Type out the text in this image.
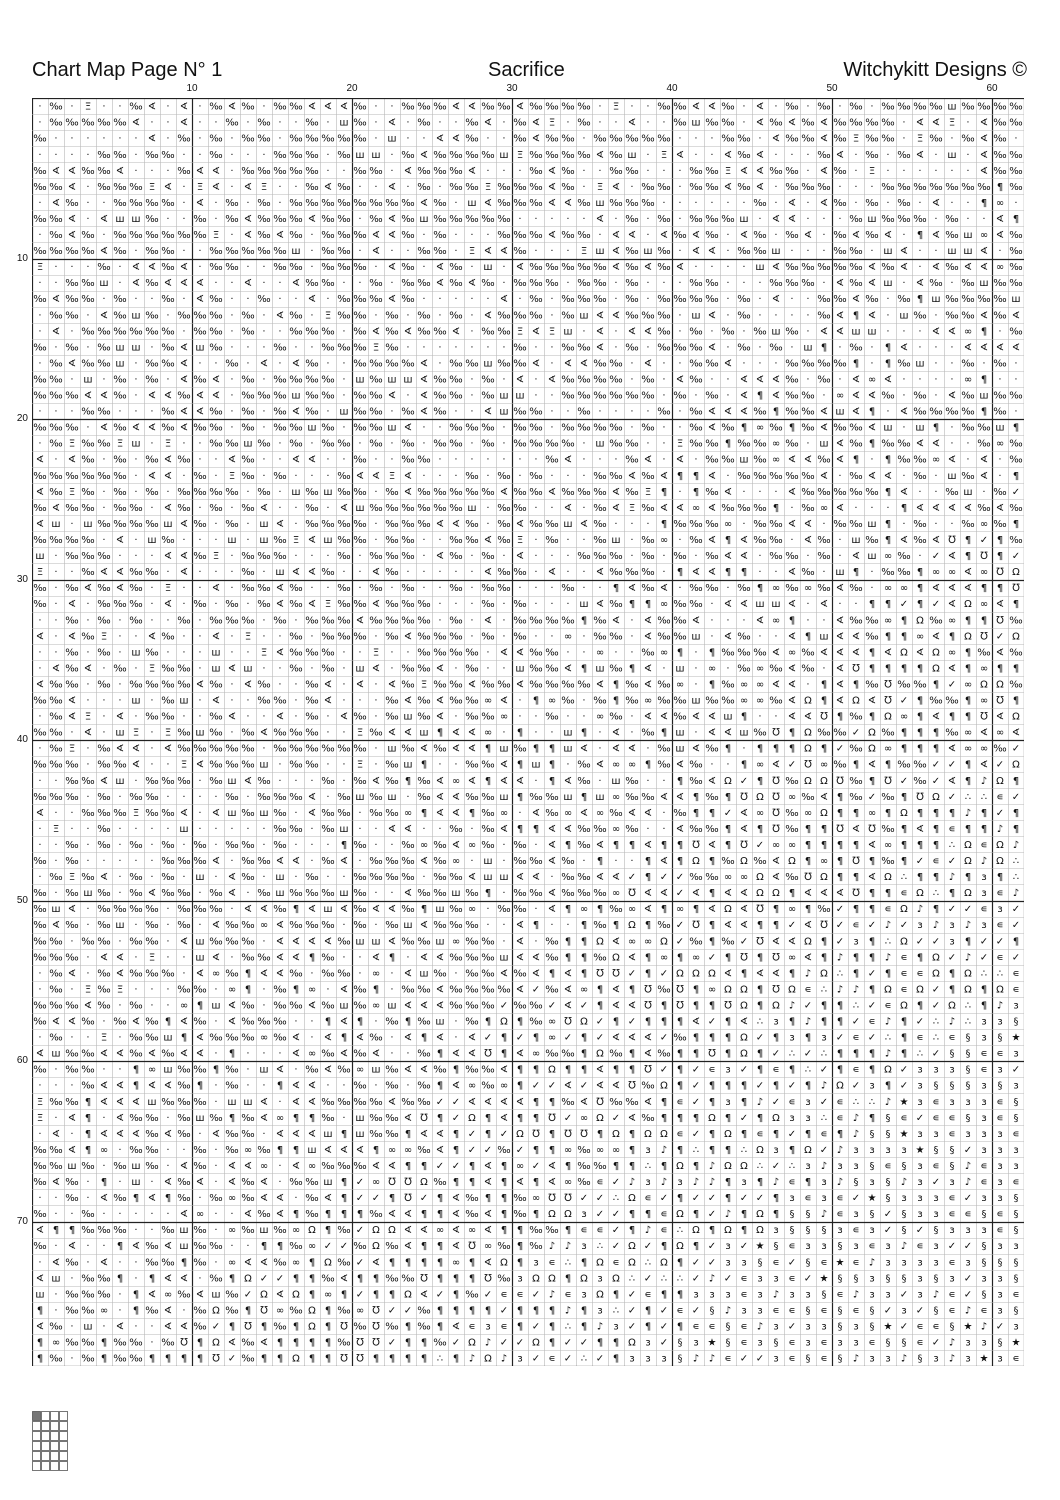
Chart Map Page N° 1	Sacrifice	Witchykitt Designs ©
10	20	30	40	50	60
10
20
30
40
50
60
70
· ‰ · Ξ · · ‰ ∢ · ∢ · ‰ ∢ ‰ · ‰ ‰ ∢ ∢ ∢ ‰ · · ‰ ‰ ‰ ∢ ∢ ‰ ‰ ∢ ‰ ‰ ‰ ‰ · Ξ · · ‰ ‰ ∢ ∢ ‰ · ∢ · ‰ · ‰ · ‰ · ‰ ‰ ‰ ‰ ш ‰ ‰ ‰ ‰
· ‰ ‰ ‰ ‰ ‰ ∢ · · ∢ · · ‰ · ‰ · · ‰ · ш ‰ · ∢ · ‰ · · ‰ ∢ · ‰ ∢ Ξ · ‰ · · ∢ · · ‰ ш ‰ ‰ · ∢ ‰ ∢ ‰ ∢ ‰ ‰ ‰ ‰ · ∢ ∢ Ξ · ∢ ‰ ‰
‰ · · · · · · ∢ · ‰ · ‰ · ‰ ‰ · ‰ ‰ ‰ ‰ ‰ · ш · · ∢ ∢ ‰ · · ‰ ∢ ‰ ‰ · ‰ ‰ ‰ ‰ ‰ · · · ‰ ‰ · ∢ ‰ ‰ ∢ ‰ Ξ ‰ ‰ · Ξ ‰ · ‰ ∢ ‰ ·
· · · · ‰ ‰ · ‰ ‰ · · ‰ · · · ‰ ‰ ‰ · ‰ ш ш · ‰ ∢ ‰ ‰ ‰ ‰ ш Ξ ‰ ‰ ‰ ‰ ∢ ‰ ш · Ξ ∢ · · ∢ ‰ ∢ · · · ‰ ∢ · ‰ · ‰ ∢ · ш · ∢ ‰ ‰
‰ ∢ ∢ ‰ ‰ ∢ · · · ‰ ∢ ∢ · ‰ ‰ ‰ ‰ ‰ · · ‰ ‰ · ∢ ‰ ‰ ‰ ∢ · · · ‰ ∢ ‰ · · ‰ ‰ · · · ‰ ‰ Ξ ∢ ∢ ‰ ‰ · ∢ ‰ · Ξ · · · · · · ∢ ‰ ‰
‰ ‰ ∢ · ‰ ‰ ‰ Ξ ∢ · Ξ ∢ · ∢ Ξ · · ‰ ∢ ‰ · · ∢ · ‰ · ‰ ‰ Ξ ‰ ‰ ‰ ∢ ‰ · Ξ ∢ · ‰ ‰ · ‰ ‰ ∢ ‰ ∢ · ‰ ‰ ‰ · · · ‰ ‰ ‰ ‰ ‰ ‰ ‰ ¶ ‰
· ∢ ‰ · · ‰ ‰ ‰ ‰ · ∢ · ‰ · ‰ · ‰ ‰ ‰ ‰ ‰ ‰ ‰ ‰ ∢ ‰ · ш ∢ ‰ ‰ ‰ ∢ ∢ ‰ ш ‰ ‰ ‰ · · · · · · ‰ · ∢ · ∢ ‰ · ‰ · ‰ · ∢ · · ¶ ∞ ·
‰ ‰ ∢ · ∢ ш ш ‰ · · ‰ · ‰ ∢ ‰ ‰ ‰ ∢ ‰ ‰ · ‰ ∢ ‰ ш ‰ ‰ ‰ ‰ ‰ · · · · · ∢ · ‰ · ‰ · ‰ ‰ ‰ ш · ∢ ∢ · · · ‰ ш ‰ ‰ ‰ · ‰ · · ∢ ¶
· ‰ ∢ ‰ · ‰ ‰ ‰ ‰ ‰ ‰ Ξ · ∢ ‰ ∢ ‰ · ‰ ‰ ‰ ∢ ∢ ‰ · ‰ · · · ‰ ‰ ‰ ∢ ‰ ‰ · ∢ ∢ · ∢ ‰ ∢ ‰ · ∢ ‰ · ‰ ∢ · ‰ ∢ ‰ ∢ · ¶ ∢ ‰ ш ∞ ∢ ‰
‰ ‰ ‰ ‰ ∢ ‰ · ‰ ‰ · · ‰ ‰ ‰ ‰ ‰ ш · ‰ ‰ · ∢ · · ‰ ‰ · Ξ ∢ ∢ ‰ · · · Ξ ш ∢ ‰ ш ‰ · ∢ ∢ · ‰ ‰ ш · · · ‰ ‰ · ш ∢ · · ш ш ∢ · ‰
Ξ · · · ‰ · ∢ ∢ ‰ ∢ · ‰ ‰ · · ‰ ‰ · ‰ ‰ ‰ · ∢ ‰ · ∢ ‰ · ш · ∢ ‰ ‰ ‰ ‰ ‰ ∢ ‰ ∢ ‰ ∢ · · · · ш ∢ ‰ ‰ ‰ ‰ ‰ ∢ ‰ ∢ · ∢ ‰ ∢ ∢ ∞ ‰
· · ‰ ‰ ш · ∢ ‰ ∢ ∢ ∢ · · ∢ · · ∢ ‰ ‰ · · ‰ · ‰ ‰ ∢ ‰ ∢ ‰ · ‰ ‰ ‰ · ‰ ‰ · ‰ · · · ‰ ‰ · · · ‰ ‰ ‰ · ∢ ‰ ∢ ш · ∢ ‰ · ‰ ш ‰ ‰
‰ ∢ ‰ ‰ · ‰ · · ‰ · ∢ ‰ · · ‰ · · ∢ · ‰ ‰ ‰ ∢ ‰ · · · · · ∢ · ‰ · ‰ ‰ ‰ · ‰ · ‰ ‰ ‰ ‰ · ‰ · ∢ · · ‰ ‰ ∢ ‰ · ‰ ¶ ш ‰ ‰ ‰ ‰ ш
· ‰ ‰ · ∢ ‰ ш ‰ · ‰ ‰ ‰ · ‰ · ∢ ‰ · Ξ ‰ ‰ · ‰ · ‰ · ‰ · ∢ ‰ ‰ ‰ · ‰ ш ∢ ∢ ‰ ‰ ‰ · ш ∢ · ‰ · · · · ‰ ∢ ¶ ∢ · ш ‰ · ‰ ‰ ∢ ‰ ∢
· ∢ · ‰ ‰ ‰ ‰ ‰ ‰ · ‰ ‰ · ‰ · · ‰ ‰ ‰ · ‰ ∢ ‰ ∢ ‰ ‰ ∢ · ‰ ‰ Ξ ∢ Ξ ш · ∢ · ∢ ∢ ‰ · ‰ · ‰ · ‰ ш ‰ · ∢ ∢ ш ш · · · ∢ ∢ ∞ ¶ · ‰
‰ · ‰ · ‰ ш ш · ‰ ∢ ш ‰ · · · ‰ · · ‰ ‰ ‰ Ξ ‰ · · · · · · · ‰ · · ‰ ‰ ∢ · ‰ · ‰ ‰ ‰ ∢ · ‰ · ‰ · ш ¶ · ‰ · ¶ ∢ · · · ∢ ∢ ∢ ∢
· ‰ ∢ ‰ ‰ ш · ‰ ‰ ∢ · · ‰ · ∢ · ∢ ‰ · · ‰ ‰ ‰ ‰ ∢ · ‰ ‰ ш ‰ ‰ ∢ · ∢ ∢ ‰ ‰ · ∢ · · ‰ ‰ ∢ · · · ‰ ‰ ‰ ‰ ¶ · ¶ ‰ ш · · ‰ · ‰ ·
‰ ‰ · ш · ‰ · ‰ · ∢ ‰ ∢ · ‰ · ‰ ‰ ‰ ‰ · ш ‰ ш ш ∢ ‰ ‰ · ‰ · ∢ · ∢ ‰ ‰ ‰ ‰ · ‰ · ∢ ‰ · · ∢ ∢ ∢ ‰ · ‰ · ∢ ∞ ∢ · · · · ∞ ¶ · ·
‰ ‰ ‰ ∢ ∢ ‰ · ∢ ∢ ‰ ∢ ∢ · ‰ ‰ ‰ ш ‰ ‰ · ‰ ‰ ∢ · ∢ ‰ ‰ · ‰ ш ш · · ‰ ‰ ‰ ‰ ‰ ‰ · ‰ · ‰ · ∢ ¶ ∢ ‰ ‰ · ∞ ∢ ∢ ‰ · ‰ · ∢ ‰ ш ‰ ‰
· · · ‰ ‰ · · · ‰ ∢ ∢ ‰ · ‰ · ‰ ∢ ‰ · ш ‰ ‰ · ‰ ∢ ‰ · · ∢ ш ‰ ‰ · · ‰ · · · · ‰ · ‰ ∢ ∢ ∢ ‰ ¶ ‰ ‰ ∢ ш ∢ ¶ · ∢ ‰ ‰ ‰ ‰ ¶ ‰ ·
‰ ‰ ‰ · ∢ ‰ ∢ ∢ ‰ ∢ ‰ ‰ · ‰ · ‰ ‰ ш ‰ · ‰ ‰ ш ∢ · · ‰ ‰ ‰ · ‰ ‰ · ‰ ‰ ‰ ‰ · ‰ · · ‰ ∢ ‰ ¶ ∞ ‰ ¶ ‰ ∢ ‰ ‰ ∢ ш · ш ¶ · ‰ ‰ ш ¶
· ‰ Ξ ‰ ‰ Ξ ш · Ξ · · ‰ ‰ ш ‰ · ‰ · ‰ ‰ · ‰ · ‰ · ‰ ‰ · ‰ · ‰ ‰ ‰ ‰ · ш ‰ ‰ · · Ξ ‰ ‰ ¶ ‰ ‰ ∞ ‰ · ш ∢ ‰ ¶ ‰ ‰ ∢ ∢ · · ‰ ∞ ‰
∢ · ∢ ‰ · ‰ · ‰ ∢ ‰ · · ∢ ‰ · · ∢ ∢ · · ‰ · · ‰ ‰ · · · · · · · ‰ ∢ · · · ‰ ∢ · ∢ · ‰ ‰ ш ‰ ∞ ∢ ∢ ‰ ∢ ¶ · ¶ ‰ ‰ ∞ ∢ · ∢ · ‰
‰ ‰ ‰ ‰ ‰ ‰ · ∢ ∢ · ‰ · Ξ ‰ · ‰ · · · ‰ ∢ ∢ Ξ ∢ · · · ‰ · ‰ · ‰ · · · ‰ ‰ ∢ ‰ ∢ ¶ ¶ ∢ · ‰ ‰ ‰ ‰ ‰ ∢ · ‰ ∢ ∢ · ‰ · ш ‰ ∢ · ¶
∢ ‰ Ξ ‰ · ‰ · ‰ · ‰ ‰ ‰ ‰ · ‰ · ш ‰ ш ‰ ‰ · ‰ ∢ ‰ ‰ ‰ ‰ ‰ ∢ ‰ ‰ ∢ ‰ ‰ ‰ ∢ ‰ Ξ ¶ · ¶ ‰ ∢ · · · ∢ ‰ ‰ ‰ ‰ ‰ ¶ ∢ · · ‰ ш · ‰ ✓
‰ ∢ ‰ ‰ · ‰ ‰ · ∢ ‰ · ‰ · ‰ ∢ · · ‰ · ∢ ш ‰ ‰ ‰ ‰ ‰ ‰ ш · ‰ ‰ · · ∢ · ‰ ∢ Ξ ‰ ∢ ∢ ∞ ∢ ‰ ‰ ‰ ¶ · ‰ ∞ ∢ · · · ¶ ∢ ∢ ∢ ∢ ‰ ∢ ‰
∢ ш · ш ‰ ‰ ‰ ‰ ш ∢ ‰ · ‰ · ш ∢ · ‰ ‰ ‰ ‰ · ‰ ‰ ‰ ∢ ∢ ‰ · ‰ ∢ ‰ ‰ ш ∢ ‰ · · · ¶ ‰ ‰ ‰ ∞ · ‰ ‰ ∢ ∢ · ‰ ‰ ш ¶ · ‰ · · ‰ ∞ ‰ ¶
‰ ‰ ‰ ‰ · ∢ · ш ‰ · · · ш · ш ‰ Ξ ∢ ш ‰ ‰ · ‰ ‰ · · ‰ ‰ ∢ ‰ Ξ · ‰ · · ‰ ш · ‰ ∞ · ‰ ∢ ¶ ∢ ‰ ‰ · ∢ ‰ · ш ‰ ¶ ∢ ‰ ∢ ℧ ¶ ✓ ¶ ‰
ш · ‰ ‰ ‰ · · · ∢ ∢ ‰ Ξ · ‰ ‰ ‰ · · · ‰ · ‰ ‰ ‰ · ∢ ‰ · ‰ · ∢ · · · ‰ ‰ ‰ · ‰ · ‰ · ‰ ∢ ∢ · ‰ ‰ · ‰ · ∢ ш ∞ ‰ · ✓ ∢ ¶ ℧ ¶ ✓
Ξ · · ‰ ∢ ∢ ‰ ‰ · ∢ · · · ‰ · ш ∢ ∢ ‰ · · ∢ ‰ · · · · · ∢ ‰ ‰ · ∢ · · ∢ ‰ ‰ ‰ · ¶ ∢ ∢ ¶ ¶ · · ∢ ‰ · ш ¶ · ‰ ‰ ¶ ∞ ∞ ∢ ∞ ℧ Ω
‰ · ‰ ∢ ‰ ∢ ‰ · Ξ · · ∢ · ‰ ‰ ∢ ‰ · · ‰ · ‰ · ‰ · · ‰ · ‰ ‰ · · · ‰ · · ¶ ∢ ‰ ∢ · ‰ ‰ · ‰ ¶ ∞ ‰ ∞ ‰ ∢ ‰ · ∞ ∞ ¶ ∢ ∢ ∢ ¶ ¶ ℧
‰ · ∢ · ‰ ‰ ‰ · ∢ · ‰ · ‰ · ‰ ∢ ‰ ∢ Ξ ‰ ‰ ∢ ‰ ‰ ‰ · · · ‰ · ‰ · · · ш ∢ ‰ ¶ ¶ ∞ ‰ ‰ · ∢ ∢ ш ш ∢ · ∢ · · ¶ ¶ ✓ ¶ ✓ ∢ Ω ∞ ∢ ¶
· · ‰ · ‰ · ‰ · · ‰ · ‰ ‰ ‰ · ‰ · ‰ ‰ ‰ ∢ ‰ ‰ ‰ ‰ · ‰ · ∢ · ‰ ‰ ‰ ‰ ¶ ‰ ∢ · ∢ ‰ ‰ ∢ · · · ∢ ∞ ¶ · · ∢ ‰ ‰ ∞ ¶ Ω ‰ ∞ ¶ ¶ ℧ ‰
∢ · ∢ ‰ Ξ · · ∢ ‰ · · ∢ · Ξ · · ‰ · ‰ ‰ ‰ · ‰ ∢ ‰ ‰ ‰ · ‰ · ‰ · · ∞ · ‰ ‰ · ∢ ‰ ‰ ш · ∢ ‰ · · ∢ ¶ ш ∢ ∢ ‰ ¶ ¶ ∞ ∢ ¶ Ω ℧ ✓ Ω
· · ‰ · ‰ · ш ‰ · · · ш · · Ξ ∢ ‰ ‰ ‰ · · Ξ · · ‰ ‰ ‰ ‰ · ∢ ∢ ‰ ‰ · · ∞ · · ‰ ∞ ¶ · ¶ ‰ ‰ ‰ ∢ ∞ ‰ ∢ ∢ ∢ ¶ ∢ Ω ∢ Ω ∞ ¶ ‰ ∢ ‰
· ∢ ‰ ∢ · ‰ · Ξ ‰ ‰ · ш ∢ ш · · ‰ · ‰ · ш ∢ · ‰ ‰ ∢ · ‰ · · ш ‰ ‰ ∢ ¶ ш ‰ ¶ ∢ · ш · ∞ · ‰ ∞ ‰ ∢ ‰ · ∢ ℧ ¶ ¶ ¶ ¶ Ω ∢ ¶ ∞ ¶ ¶
∢ ‰ ‰ · ‰ · ‰ ‰ ‰ ‰ ∢ ‰ · ∢ ‰ · · ‰ ∢ · ∢ · ∢ ‰ Ξ ‰ ‰ ∢ ‰ ‰ ∢ ‰ ‰ ‰ ‰ ∢ ¶ ‰ ∢ ‰ ∞ · ¶ ‰ ∞ ∞ ∢ ∢ · ¶ ∢ ¶ ‰ ℧ ‰ ‰ ¶ ✓ ∞ Ω Ω ‰
‰ ‰ ∢ · · · ш · ‰ ш · ∢ · · ‰ ‰ · ‰ ∢ · · · ‰ ∢ ‰ ∢ ‰ ‰ ∞ ∢ · ¶ ∞ ‰ · ‰ ¶ ‰ ∞ ‰ ‰ ш ‰ ‰ ∞ ∞ ‰ ∢ Ω ¶ ∢ Ω ∢ ℧ ✓ ¶ ‰ ‰ ¶ ∞ ℧ ¶
· ‰ ∢ Ξ · ∢ · ‰ ‰ · · ‰ ∢ · · ∢ · ‰ · ∢ ‰ · ‰ ш ‰ ∢ · ‰ ‰ ∞ · · ‰ · · ∞ ‰ · ∢ ∢ ‰ ∢ ∢ ш ¶ · · ∢ ∢ ℧ ¶ ‰ ¶ Ω ∞ ¶ ∢ ¶ ¶ ℧ ∢ Ω
‰ ‰ · ∢ · ш Ξ · Ξ ‰ ш ‰ · ‰ ∢ ‰ ‰ ‰ · · Ξ ‰ ∢ ∢ ш ¶ ∢ ∢ ∞ · ¶ · · ш ¶ · ∢ · ‰ ¶ ш · ∢ ∢ ш ‰ ℧ ¶ Ω ‰ ‰ ✓ Ω ‰ ¶ ¶ ¶ ‰ ∞ ∢ ∞ ∢
· ‰ Ξ · ‰ ∢ ∢ · ∢ ‰ ‰ ‰ ‰ ‰ · ‰ ‰ ‰ ‰ ‰ ‰ · ш ‰ ∢ ‰ ∢ ∢ ¶ ш ‰ ¶ ¶ ш ∢ · ∢ ∢ · ‰ ш ∢ ‰ ¶ · ¶ ¶ ¶ Ω ¶ ✓ ‰ Ω ∞ ¶ ¶ ¶ ∢ ∞ ∞ ‰ ✓
‰ ‰ ‰ · ‰ ‰ ∢ · · Ξ ∢ ‰ ‰ ‰ ш · ‰ ‰ · · Ξ · ‰ ш ¶ · · ‰ ‰ ∢ ¶ ш ¶ · ‰ ∢ ∞ ∞ ¶ ‰ ∢ ‰ · · ¶ ∞ ∢ ✓ ℧ ∞ ‰ ¶ ∢ ¶ ‰ ‰ ✓ ✓ ¶ ∢ ✓ Ω
· · ‰ ‰ ∢ ш · ‰ ‰ ‰ · ‰ ш ∢ ‰ · · · ‰ · ‰ ∢ ‰ ¶ ‰ ∢ ∞ ∢ ¶ ∢ ∢ · ¶ ∢ ‰ · ш ‰ · · ¶ ‰ ∢ Ω ✓ ¶ ℧ ‰ Ω Ω ℧ ‰ ¶ ℧ ✓ ‰ ✓ ∢ ¶ ♪ Ω ¶
‰ ‰ ‰ · ‰ · ‰ ‰ · · · · ‰ · ‰ ‰ ‰ ∢ · ‰ ш ‰ ш · ‰ ∢ ∢ ‰ ‰ ш ¶ ‰ ‰ ш ¶ ш ∞ ‰ ‰ ∢ ∢ ¶ ‰ ¶ ℧ Ω ℧ ∞ ‰ ∢ ¶ ‰ ✓ ‰ ¶ ℧ Ω ✓ ∴ ∴ ∊ ✓
∢ · · ‰ ‰ ‰ Ξ ‰ ‰ ∢ · ∢ ш ‰ ш ‰ · ∢ ‰ ‰ · ‰ ‰ ∞ ¶ ∢ ∢ ¶ ‰ ∞ · ∢ ‰ ∞ ∢ ∞ ‰ ∢ ∢ · ‰ ¶ ¶ ✓ ∢ ∞ ℧ ‰ ∞ Ω ¶ ¶ ∞ ¶ Ω ¶ ¶ ¶ ♪ ¶ ✓ ¶
· Ξ · · ‰ · · · · ш · · · · · ‰ ‰ · ‰ ш · · ∢ ∢ · · ‰ · ‰ ∢ ¶ ¶ ∢ ∢ ‰ ‰ ∞ ‰ · · ∢ ‰ ‰ ¶ ∢ ¶ ℧ ‰ ¶ ¶ ℧ ∢ ℧ ‰ ¶ ∢ ¶ ∊ ¶ ¶ ♪ ¶
· · ‰ · ‰ · ‰ · ‰ · ‰ · ‰ ‰ · ‰ · · · ¶ ‰ · · ‰ ∞ ‰ ∢ ∞ ‰ · ‰ · ∢ ¶ ‰ ∢ ¶ ¶ ∢ ¶ ¶ ℧ ∢ ¶ ℧ ✓ ∞ ∞ ¶ ¶ ¶ ¶ ∢ ∞ ¶ ¶ ¶ ∴ Ω ∊ Ω ♪
‰ · ‰ · · · · · ‰ ‰ ‰ ∢ · ‰ ‰ ∢ ∢ · ‰ ∢ · ‰ ‰ ‰ ∢ ‰ ∞ · ш · ‰ ‰ ∢ ‰ · ¶ · · ¶ ∢ ¶ Ω ¶ ‰ Ω ‰ ∢ Ω ¶ ∞ ¶ ℧ ¶ ‰ ¶ ✓ ∊ ✓ Ω ♪ Ω ∴
· ‰ Ξ ‰ ∢ · ‰ · ‰ · ш · ∢ ‰ · ш · ‰ · · ‰ ‰ ‰ ‰ · ‰ ‰ ∢ ш ш ∢ ∢ · ‰ ‰ ∢ ∢ ✓ ¶ ✓ ✓ ‰ ‰ ∞ ∞ Ω ∢ ‰ ℧ Ω ¶ ¶ ∢ Ω ∴ ¶ ¶ ♪ ¶ з ¶ ∴
‰ · ‰ ш ‰ · ‰ ∢ ‰ ‰ · ‰ ∢ · ‰ ш ‰ ‰ ‰ ш ‰ · · ∢ ‰ ‰ ш ‰ ¶ · ‰ ‰ ∢ ‰ ‰ ‰ ∞ ℧ ∢ ∢ ✓ ∢ ¶ ∢ ∢ Ω Ω ¶ ∢ ∢ ∢ ℧ ¶ ¶ ∊ Ω ∴ ¶ Ω з ∊ ♪
‰ ш ∢ · ‰ ‰ ‰ ‰ · ‰ ‰ ‰ · ∢ ∢ ‰ ¶ ∢ ш ∢ ‰ ∢ ∢ ‰ ¶ ш ‰ ∞ · ‰ ‰ · ∢ ¶ ∞ ¶ ‰ ∞ ∢ ¶ ∞ ¶ ∢ Ω ∢ ℧ ¶ ∞ ¶ ‰ ✓ ¶ ¶ ∊ Ω ♪ ¶ ✓ ✓ ∊ з ✓
‰ ∢ ‰ · ‰ ш · ‰ · ‰ · ∢ ‰ ‰ ∞ ∢ ‰ ‰ ‰ · ‰ · ‰ ш ∢ ‰ ‰ ‰ · · ∢ ¶ · · ¶ ‰ ¶ Ω ¶ ‰ ✓ ℧ ¶ ∢ ∢ ¶ ¶ ✓ ∢ ℧ ✓ ∊ ✓ ♪ ✓ з ♪ з ♪ з ∊ ✓
‰ ‰ · ‰ ‰ · ‰ ‰ · ∢ ш ‰ ‰ ‰ · ∢ ∢ ∢ ∢ ‰ ш ш ∢ ‰ ‰ ш ∞ ‰ ‰ · ∢ · ‰ ¶ ¶ Ω ∢ ∞ ∞ Ω ✓ ‰ ¶ ‰ ✓ ℧ ∢ ∢ Ω ¶ ✓ з ¶ ∴ Ω ✓ ✓ з ¶ ✓ ✓ ¶
‰ ‰ ‰ · ∢ ∢ · Ξ · · ш ∢ · ‰ ‰ ∢ ∢ ¶ ‰ · · ∢ ¶ · ∢ ∢ ‰ ‰ ‰ ш ∢ ∢ ‰ ¶ ¶ ‰ Ω ∢ ¶ ∞ ¶ ∞ ✓ ¶ ℧ ¶ ℧ ∞ ∢ ¶ ♪ ¶ ¶ ♪ ∊ ¶ Ω ✓ ♪ ✓ ∊ ✓
· ‰ ∢ · ‰ ∢ ‰ ‰ ‰ · ∢ ∞ ‰ ¶ ∢ ∢ ‰ · ‰ ‰ · ∞ · ∢ ш ‰ · ‰ ‰ ∢ ‰ ∢ ¶ ∢ ¶ ℧ ℧ ✓ ¶ ✓ Ω Ω Ω ∢ ¶ ∢ ∢ ¶ ♪ Ω ∴ ¶ ✓ ¶ ∊ ∊ Ω ¶ Ω ∴ ∴ ∊
· ‰ · Ξ ‰ Ξ · · · ‰ ‰ · ∞ ¶ · ‰ ¶ ∞ · ∢ ‰ ¶ · ‰ ‰ ∢ ‰ ‰ ‰ ‰ ∢ ✓ ‰ ∢ ∞ ¶ ∢ ¶ ℧ ‰ ℧ ¶ ∞ Ω Ω ¶ ℧ Ω ∊ ∴ ♪ ♪ ¶ Ω ∊ Ω ✓ ¶ Ω ¶ Ω ∊
‰ ‰ ‰ ∢ ‰ · ‰ · · ∞ ¶ ш ∢ ‰ · ‰ ‰ ∢ ‰ ш ‰ ∞ ш ∢ ∢ ∢ ‰ ‰ ‰ ✓ ‰ ‰ ✓ ∢ ✓ ¶ ∢ ∢ ℧ ¶ ℧ ¶ ¶ ℧ Ω ¶ Ω ♪ ✓ ¶ ¶ ∴ ✓ ∊ Ω ¶ ✓ Ω ∴ ¶ ♪ з
‰ ∢ ∢ ‰ · ‰ ∢ ‰ ¶ ∢ ‰ · ∢ ‰ ‰ ‰ · · ¶ ∢ ¶ · ‰ ¶ ‰ ш · ‰ ¶ Ω ¶ ‰ ∞ ℧ Ω ✓ ¶ ✓ ¶ ¶ ¶ ∢ ✓ ¶ ∢ ∴ з ¶ ♪ ¶ ¶ ✓ ∊ ♪ ¶ ✓ ∴ ♪ ∴ з з §
· ‰ · · Ξ · ‰ ‰ ш ¶ ∢ ‰ ‰ ‰ ∞ ‰ ∢ · ∢ ¶ ∢ ‰ · ∢ ¶ ∢ · ∢ ✓ ¶ ✓ ¶ ∞ ✓ ¶ ✓ ∢ ∢ ∢ ✓ ‰ ¶ ¶ ¶ Ω ✓ ¶ з ¶ з ✓ ∊ ✓ ∴ ¶ ∊ ∴ ∊ § з § ★
∢ ш ‰ ‰ ∢ ∢ ‰ ∢ ‰ ∢ ∢ · ¶ · · · ∢ ∞ ‰ ∢ ‰ ∢ · · ‰ ¶ ∢ ∢ ℧ ¶ ∢ ∞ ‰ ‰ ¶ Ω ‰ ¶ ∢ ‰ ¶ ¶ ℧ ¶ Ω ¶ ✓ ∴ ✓ ∴ ¶ ¶ ¶ ♪ ¶ ∴ ✓ § § ∊ ∊ з
‰ · ‰ ‰ · · ¶ ∞ ш ‰ ‰ ¶ ‰ · ш ∢ · ‰ ∢ ‰ ∞ ш ‰ ∢ ∢ ‰ ¶ ‰ ‰ ∢ ¶ ¶ Ω ¶ ¶ ∢ ¶ ¶ ℧ ✓ ¶ ✓ ∊ з ✓ ¶ ∊ ¶ ∴ ✓ ¶ ∊ ¶ Ω ✓ з з з § ∊ з ✓
· · · ‰ ∢ ∢ ¶ ∢ ∢ ‰ ¶ · ‰ · · ¶ ∢ ∢ · · ‰ · ‰ · ‰ ¶ ∢ ∞ ‰ ∞ ¶ ✓ ✓ ∢ ✓ ∢ ∢ ℧ ‰ Ω ¶ ✓ ¶ ¶ ¶ ✓ ¶ ✓ ¶ ♪ Ω ✓ з ¶ ✓ з § § § з § з
Ξ ‰ ‰ ¶ ∢ ∢ ∢ ш ‰ ‰ ‰ · ш ш ∢ · ∢ ∢ ‰ ‰ ‰ ‰ ∢ ‰ ‰ ✓ ✓ ∢ ∢ ∢ ∢ ¶ ¶ ‰ ∢ ℧ ‰ ‰ ∢ ¶ ∊ ✓ ¶ з ¶ ♪ ✓ ∊ з ✓ ∊ ∴ ∴ ♪ ★ з ∊ з з з ∊ §
Ξ · ∢ ¶ · ∢ ‰ ‰ · ‰ ш ‰ ¶ ‰ ∢ ∞ ¶ ¶ ‰ · ш ‰ ‰ ∢ ℧ ¶ ✓ Ω ¶ ∢ ¶ ¶ ℧ ✓ ∞ Ω ✓ ∢ ‰ ¶ ¶ ¶ Ω ¶ ✓ ¶ Ω з з ∴ ∊ ♪ ¶ § ∊ ✓ ∊ ∊ § з ∊ §
· ∢ · ¶ ∢ ∢ ∢ ‰ ∢ ‰ · ∢ ‰ ‰ · ∢ ∢ ∢ ш ¶ ш ‰ ‰ ¶ ∢ ∢ ¶ ✓ ¶ ✓ Ω ℧ ¶ ℧ ℧ ¶ Ω ¶ Ω Ω ∊ ✓ ¶ Ω ¶ ∊ ¶ ✓ ¶ ∊ ¶ ♪ § § ★ з з ∊ з з з ∊
‰ ‰ ∢ ¶ ∞ · ‰ ‰ · · ‰ · ‰ ∞ ‰ ¶ ¶ ш ∢ ∢ ∢ ¶ ∞ ∞ ‰ ∢ ¶ ✓ ✓ ‰ ✓ ¶ ¶ ∞ ‰ ∞ ∞ ¶ з ♪ ¶ ∴ ¶ ¶ ∴ Ω з ¶ Ω ✓ ♪ з з з з ★ § § ✓ з з з
‰ ‰ ш ‰ · ‰ ш ‰ · ∢ ‰ · ∢ ∢ ∞ · ∢ ∞ ‰ ‰ ‰ ∢ ∢ ¶ ¶ ✓ ✓ ¶ ∢ ¶ ∞ ✓ ∢ ¶ ‰ ‰ ¶ ¶ ∴ ¶ Ω ¶ ♪ Ω Ω ∴ ✓ ∴ з ♪ з з § ∊ § з ∊ § ♪ ∊ з з
‰ ∢ ‰ · ¶ · ш · ∢ ‰ ∢ · ∢ ‰ ∢ · ‰ ‰ ш ¶ ✓ ∞ ℧ ℧ Ω ‰ ¶ ¶ ∢ ¶ ∢ ¶ ∢ ∞ ‰ ∊ ✓ ♪ з ♪ з ♪ ♪ ¶ з ¶ ♪ ∊ ¶ з ♪ § з § ♪ з ✓ з ♪ ∊ з ∊
· · ‰ · ∢ ‰ ¶ ∢ ¶ ‰ · ‰ ∞ ‰ ∢ ∢ · ‰ ∢ ¶ ✓ ✓ ¶ ℧ ✓ ¶ ∢ ‰ ¶ ¶ ‰ ∞ ℧ ℧ ✓ ✓ ∴ Ω ∊ ✓ ¶ ✓ ✓ ¶ ✓ ✓ ¶ з ∊ з ∊ ✓ ★ § з з з ∊ ✓ з з §
‰ · · ‰ · · · · · ∢ ∞ · · ∢ ‰ ∢ ¶ ‰ ¶ ¶ ¶ ‰ ∢ ∢ ¶ ¶ ∢ ‰ ∢ ¶ ‰ ¶ Ω Ω з ✓ ✓ ¶ ¶ ∊ Ω ¶ ✓ ♪ ¶ Ω ¶ § § ♪ ∊ з § ✓ § з з ∊ ∊ § ∊ §
∢ ¶ ¶ ‰ ‰ ‰ · · ‰ ш ‰ · ∞ ‰ ш ‰ ∞ Ω ¶ ‰ ✓ Ω Ω ∢ ∢ ∞ ∢ ∞ ∢ ¶ ¶ ‰ ‰ ¶ ∊ ∊ ✓ ¶ ♪ ∊ ∴ Ω ¶ Ω ¶ Ω з § § § з ∊ з ✓ § ✓ § з з з ∊ §
‰ · ∢ · · ¶ ∢ ‰ ∢ ш ‰ ‰ · · ¶ ¶ ‰ ∞ ✓ ✓ ‰ Ω ‰ ∢ ¶ ¶ ∢ ℧ ∞ ‰ ¶ ‰ ♪ ♪ з ∴ ✓ Ω ✓ ¶ Ω ¶ ✓ з ✓ ★ § ∊ з з § з ∊ з ♪ ∊ з ✓ ✓ § з з
· ∢ ‰ · ∢ · · ‰ ‰ ¶ ‰ · ∞ ∢ ∢ ‰ ∞ ¶ Ω ‰ ✓ ∢ ¶ ¶ ¶ ¶ ∞ ¶ ∢ Ω ¶ з ∊ ∴ ¶ Ω ∊ Ω ∴ Ω ¶ ✓ ✓ з з § ∊ ✓ § ∊ ★ ∊ ♪ з з з з ∊ з § § §
∢ ш · ‰ ‰ ¶ · ¶ ∢ ∢ · ‰ ¶ Ω ✓ ✓ ¶ ¶ ‰ ∢ ¶ ¶ ‰ ‰ ℧ ¶ ¶ ¶ ℧ ‰ з Ω Ω ¶ Ω з Ω ∴ ✓ ∴ ∴ ✓ ♪ ✓ ∊ з з ∊ ✓ ★ § § з § § з § з ✓ з з §
ш · ‰ ‰ ‰ · ¶ ∢ ∞ ‰ ∢ ш ‰ ✓ Ω ∢ Ω ¶ ∞ ¶ ✓ ¶ ¶ Ω ∢ ✓ ¶ ‰ ✓ ∊ ∊ ✓ ♪ ∊ з Ω ¶ ✓ ∊ ¶ ¶ з з з ∊ з ♪ з з § ∊ ♪ з з ✓ з ♪ ∊ ✓ § з ∊
¶ · ‰ ‰ ∞ · ¶ ‰ ∢ · ‰ Ω ‰ ¶ ℧ ∞ ‰ Ω ¶ ‰ ∞ ℧ ✓ ✓ ‰ ¶ ¶ ¶ ¶ ✓ ¶ ¶ ¶ ♪ ¶ з ∴ ✓ ¶ ✓ ∊ ✓ § ♪ з з ∊ ∊ § ∊ § ∊ § ✓ з ✓ § ∊ ♪ ∊ з §
∢ ‰ · ш · ∢ · · ∢ ∢ ‰ ✓ ¶ ℧ ¶ ‰ ¶ Ω ¶ ℧ ‰ ℧ ‰ ¶ ‰ ¶ ∢ ∊ з ∊ ¶ ✓ ¶ ∴ ¶ ♪ з ✓ ¶ ✓ ¶ ∊ ∊ § ∊ ♪ з ✓ з з § з § ★ ✓ ∊ ∊ § ★ ♪ ✓ з
¶ ∞ ‰ ‰ ¶ ‰ ‰ · ‰ ℧ ¶ Ω ∢ ‰ ∢ ¶ ¶ ¶ ¶ ‰ ℧ ℧ ✓ ¶ ¶ ‰ ✓ Ω ♪ ✓ ✓ Ω ¶ ✓ ✓ ¶ ¶ Ω з ✓ § з ★ § ∊ з § ∊ з ∊ з з ∊ § § ∊ ✓ ♪ з з § ★
¶ ‰ · ‰ ¶ ‰ ‰ ¶ ¶ ¶ ¶ ℧ ✓ ‰ ¶ ¶ Ω ¶ ¶ ℧ ℧ ¶ ¶ ¶ ¶ ∴ ¶ ♪ Ω ♪ з ✓ ∊ ✓ ∴ ✓ ¶ з з з § ♪ ♪ ∊ ✓ ✓ з ∊ § ∊ § ♪ з з ♪ § з ♪ з ★ з ∊
